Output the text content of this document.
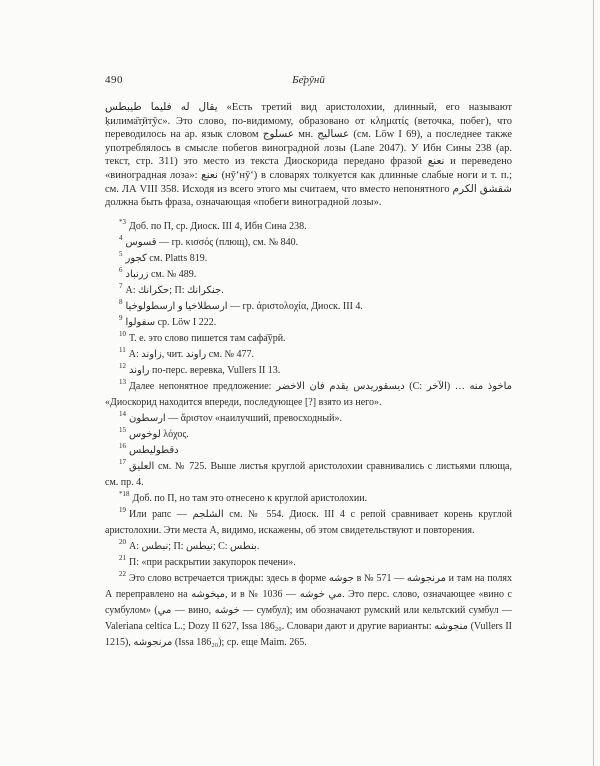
490	Бе̄рӯнӣ

يقال له فليما طيبطس «Есть третий вид аристолохии, длинный, его называют ḳилима̄т̣ӣт̣ӯс». Это слово, по-видимому, образовано от κληματίς (веточка, побег), что переводилось на ар. язык словом عسلوج мн. عساليج (см. Löw I 69), а последнее также употреблялось в смысле побегов виноградной лозы (Lane 2047). У Ибн Сины 238 (ар. текст, стр. 311) это место из текста Диоскорида передано фразой نعنع и переведено «виноградная лоза»: نعنع (нӯ‘нӯ‘) в словарях толкуется как длинные слабые ноги и т. п.; см. ЛА VIII 358. Исходя из всего этого мы считаем, что вместо непонятного شقشق الكرم должна быть фраза, означающая «побеги виноградной лозы».

$^{*3}$ Доб. по П, ср. Диоск. III 4, Ибн Сина 238.

$^4$ قسوس — гр. κισσός (плющ), см. № 840.

$^5$ كجور см. Platts 819.

$^6$ زرنباد см. № 489.

$^7$ А: حكرانك; П: جنكرانك.

$^8$ ارسطلاخيا و ارسطولوخيا — гр. ἀριστολοχία, Диоск. III 4.

$^9$ سفولوا ср. Löw I 222.

$^{10}$ Т. е. это слово пишется там сафа̄ӯрӣ.

$^{11}$ А: زاوند, чит. راوند см. № 477.

$^{12}$ راوند по-перс. веревка, Vullers II 13.

$^{13}$ Далее непонятное предложение: ديسقوريدس يقدم فان الاخضر (С: الآخر) … ماخوذ منه «Диоскорид находится впереди, последующее [?] взято из него».

$^{14}$ ارسطون — ἄριστον «наилучший, превосходный».

$^{15}$ لوخوس λόχος.

$^{16}$ دقطوليطس

$^{17}$ العليق см. № 725. Выше листья круглой аристолохии сравнивались с листьями плюща, см. пр. 4.

$^{*18}$ Доб. по П, но там это отнесено к круглой аристолохии.

$^{19}$ Или рапс — الشلجم см. № 554. Диоск. III 4 с репой сравнивает корень круглой аристолохии. Эти места А, видимо, искажены, об этом свидетельствуют и повторения.

$^{20}$ А: نبطس; П: نيطس; С: بنطس.

$^{21}$ П: «при раскрытии закупорок печени».

$^{22}$ Это слово встречается трижды: здесь в форме جوشه в № 571 — مرنجوشه и там на полях А переправлено на ميخوشه, и в № 1036 — مي خوشه. Это перс. слово, означающее «вино с сумбулом» (مي — вино, خوشه — сумбул); им обозначают румский или кельтский сумбул — Valeriana celtica L.; Dozy II 627, Issa 186₂₀. Словари дают и другие варианты: منجوشه (Vullers II 1215), مرنجوشه (Issa 186₂₀); ср. еще Maim. 265.
